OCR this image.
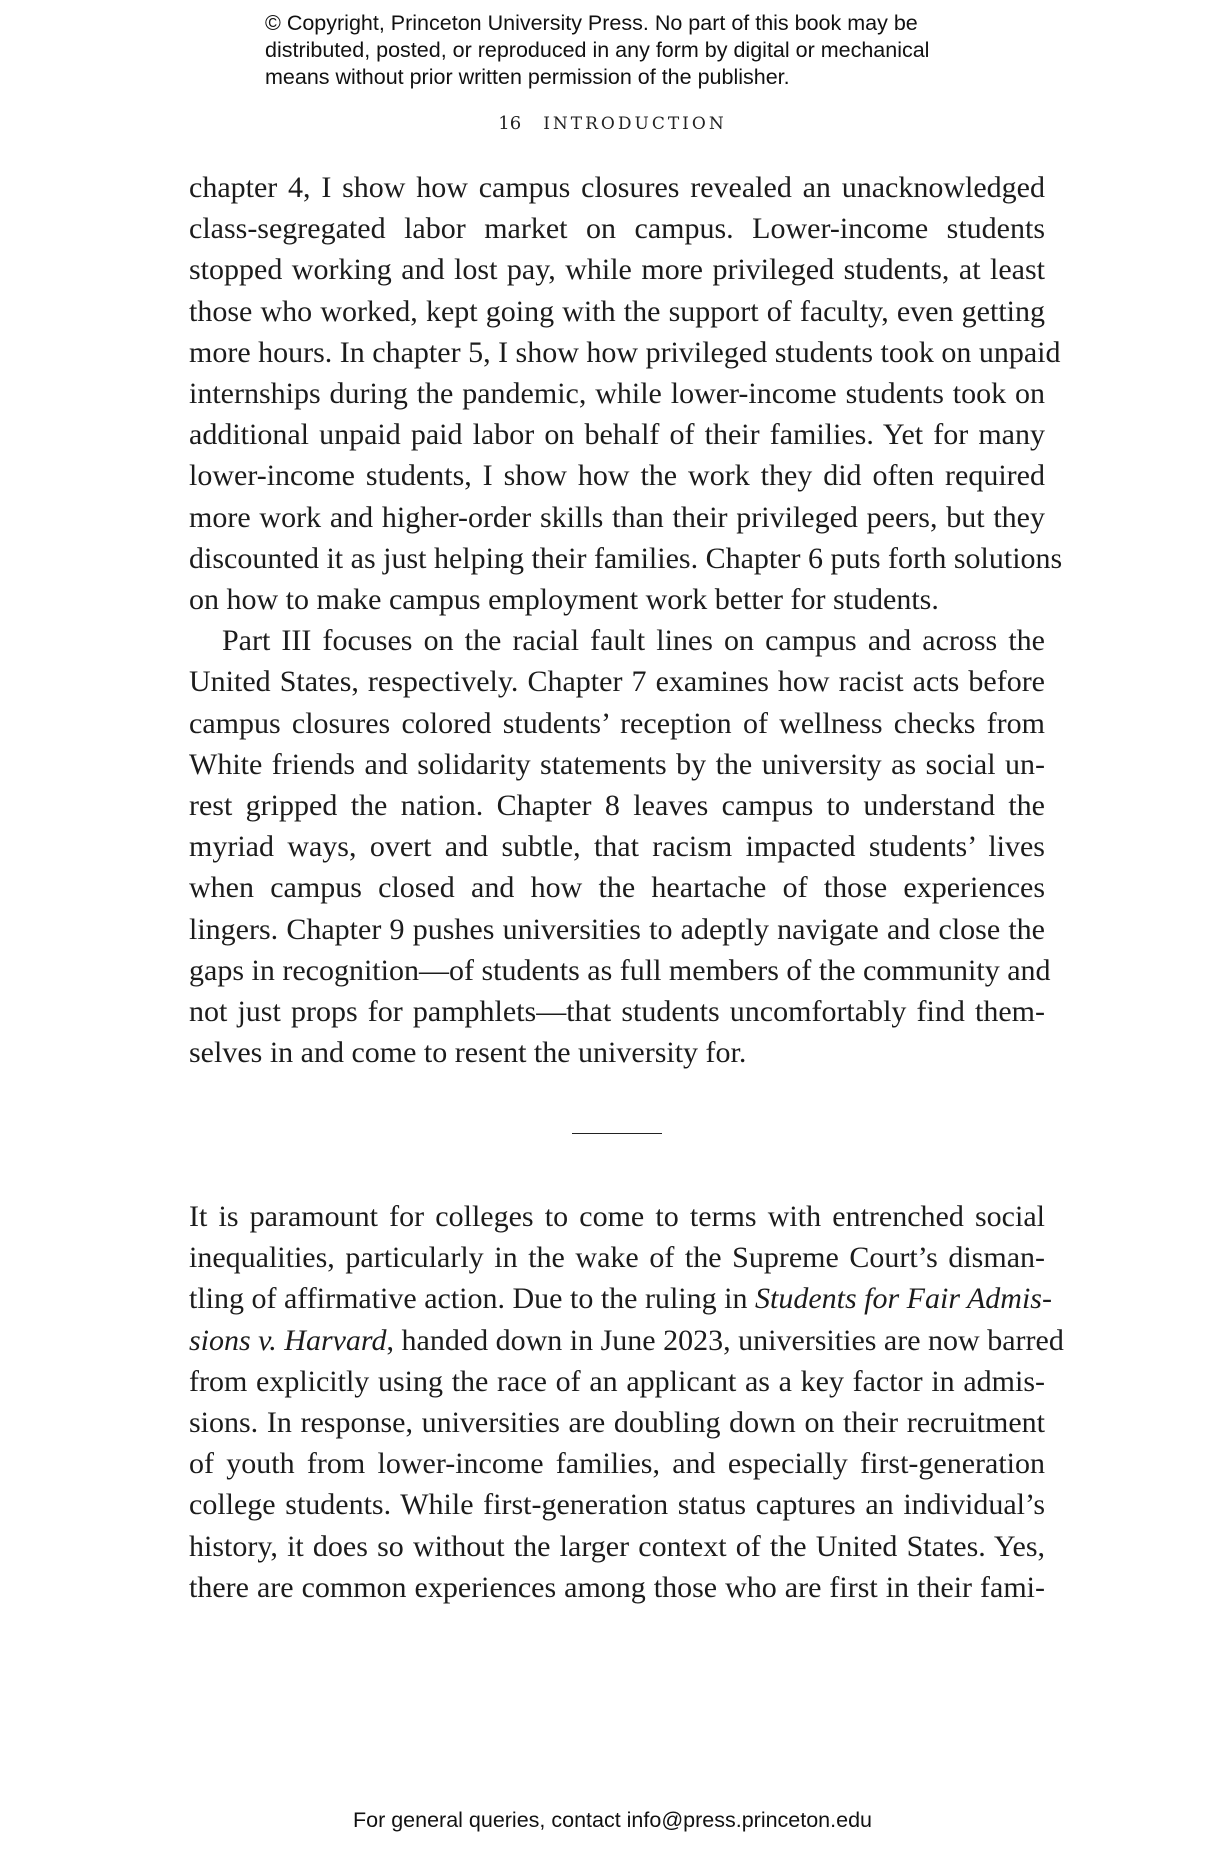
© Copyright, Princeton University Press. No part of this book may be
distributed, posted, or reproduced in any form by digital or mechanical
means without prior written permission of the publisher.
16 INTRODUCTION

chapter 4, I show how campus closures revealed an unacknowledged
class-segregated labor market on campus. Lower-income students
stopped working and lost pay, while more privileged students, at least
those who worked, kept going with the support of faculty, even getting
more hours. In chapter 5, I show how privileged students took on unpaid
internships during the pandemic, while lower-income students took on
additional unpaid paid labor on behalf of their families. Yet for many
lower-income students, I show how the work they did often required
more work and higher-order skills than their privileged peers, but they
discounted it as just helping their families. Chapter 6 puts forth solutions
on how to make campus employment work better for students.

Part III focuses on the racial fault lines on campus and across the
United States, respectively. Chapter 7 examines how racist acts before
campus closures colored students’ reception of wellness checks from
White friends and solidarity statements by the university as social un-
rest gripped the nation. Chapter 8 leaves campus to understand the
myriad ways, overt and subtle, that racism impacted students’ lives
when campus closed and how the heartache of those experiences
lingers. Chapter 9 pushes universities to adeptly navigate and close the
gaps in recognition—of students as full members of the community and
not just props for pamphlets—that students uncomfortably find them-
selves in and come to resent the university for.

It is paramount for colleges to come to terms with entrenched social
inequalities, particularly in the wake of the Supreme Court’s disman-
tling of affirmative action. Due to the ruling in Students for Fair Admis-
sions v. Harvard, handed down in June 2023, universities are now barred
from explicitly using the race of an applicant as a key factor in admis-
sions. In response, universities are doubling down on their recruitment
of youth from lower-income families, and especially first-generation
college students. While first-generation status captures an individual’s
history, it does so without the larger context of the United States. Yes,
there are common experiences among those who are first in their fami-

For general queries, contact info@press.princeton.edu
